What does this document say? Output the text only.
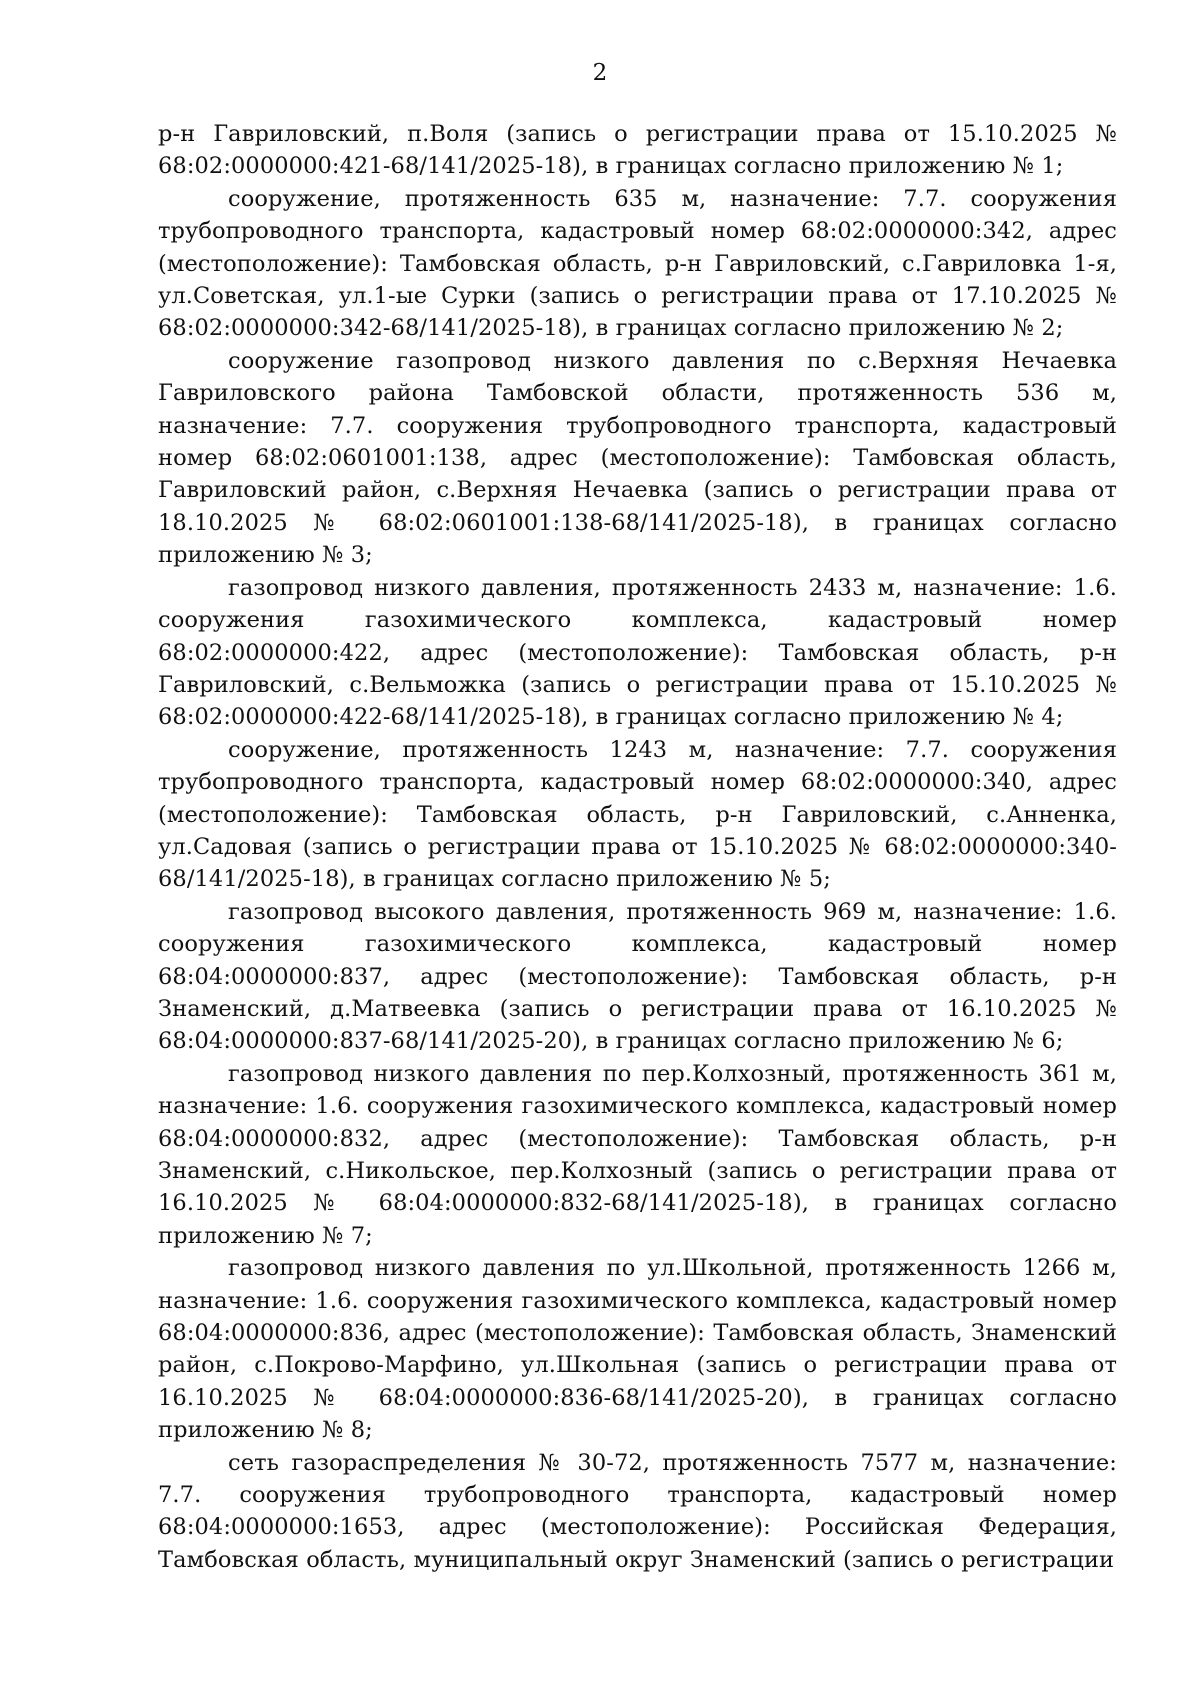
2

р-н Гавриловский, п.Воля (запись о регистрации права от 15.10.2025 № 68:02:0000000:421-68/141/2025-18), в границах согласно приложению № 1;

сооружение, протяженность 635 м, назначение: 7.7. сооружения трубопроводного транспорта, кадастровый номер 68:02:0000000:342, адрес (местоположение): Тамбовская область, р-н Гавриловский, с.Гавриловка 1-я, ул.Советская, ул.1-ые Сурки (запись о регистрации права от 17.10.2025 № 68:02:0000000:342-68/141/2025-18), в границах согласно приложению № 2;

сооружение газопровод низкого давления по с.Верхняя Нечаевка Гавриловского района Тамбовской области, протяженность 536 м, назначение: 7.7. сооружения трубопроводного транспорта, кадастровый номер 68:02:0601001:138, адрес (местоположение): Тамбовская область, Гавриловский район, с.Верхняя Нечаевка (запись о регистрации права от 18.10.2025 № 68:02:0601001:138-68/141/2025-18), в границах согласно приложению № 3;

газопровод низкого давления, протяженность 2433 м, назначение: 1.6. сооружения газохимического комплекса, кадастровый номер 68:02:0000000:422, адрес (местоположение): Тамбовская область, р-н Гавриловский, с.Вельможка (запись о регистрации права от 15.10.2025 № 68:02:0000000:422-68/141/2025-18), в границах согласно приложению № 4;

сооружение, протяженность 1243 м, назначение: 7.7. сооружения трубопроводного транспорта, кадастровый номер 68:02:0000000:340, адрес (местоположение): Тамбовская область, р-н Гавриловский, с.Анненка, ул.Садовая (запись о регистрации права от 15.10.2025 № 68:02:0000000:340-68/141/2025-18), в границах согласно приложению № 5;

газопровод высокого давления, протяженность 969 м, назначение: 1.6. сооружения газохимического комплекса, кадастровый номер 68:04:0000000:837, адрес (местоположение): Тамбовская область, р-н Знаменский, д.Матвеевка (запись о регистрации права от 16.10.2025 № 68:04:0000000:837-68/141/2025-20), в границах согласно приложению № 6;

газопровод низкого давления по пер.Колхозный, протяженность 361 м, назначение: 1.6. сооружения газохимического комплекса, кадастровый номер 68:04:0000000:832, адрес (местоположение): Тамбовская область, р-н Знаменский, с.Никольское, пер.Колхозный (запись о регистрации права от 16.10.2025 № 68:04:0000000:832-68/141/2025-18), в границах согласно приложению № 7;

газопровод низкого давления по ул.Школьной, протяженность 1266 м, назначение: 1.6. сооружения газохимического комплекса, кадастровый номер 68:04:0000000:836, адрес (местоположение): Тамбовская область, Знаменский район, с.Покрово-Марфино, ул.Школьная (запись о регистрации права от 16.10.2025 № 68:04:0000000:836-68/141/2025-20), в границах согласно приложению № 8;

сеть газораспределения № 30-72, протяженность 7577 м, назначение: 7.7. сооружения трубопроводного транспорта, кадастровый номер 68:04:0000000:1653, адрес (местоположение): Российская Федерация, Тамбовская область, муниципальный округ Знаменский (запись о регистрации
